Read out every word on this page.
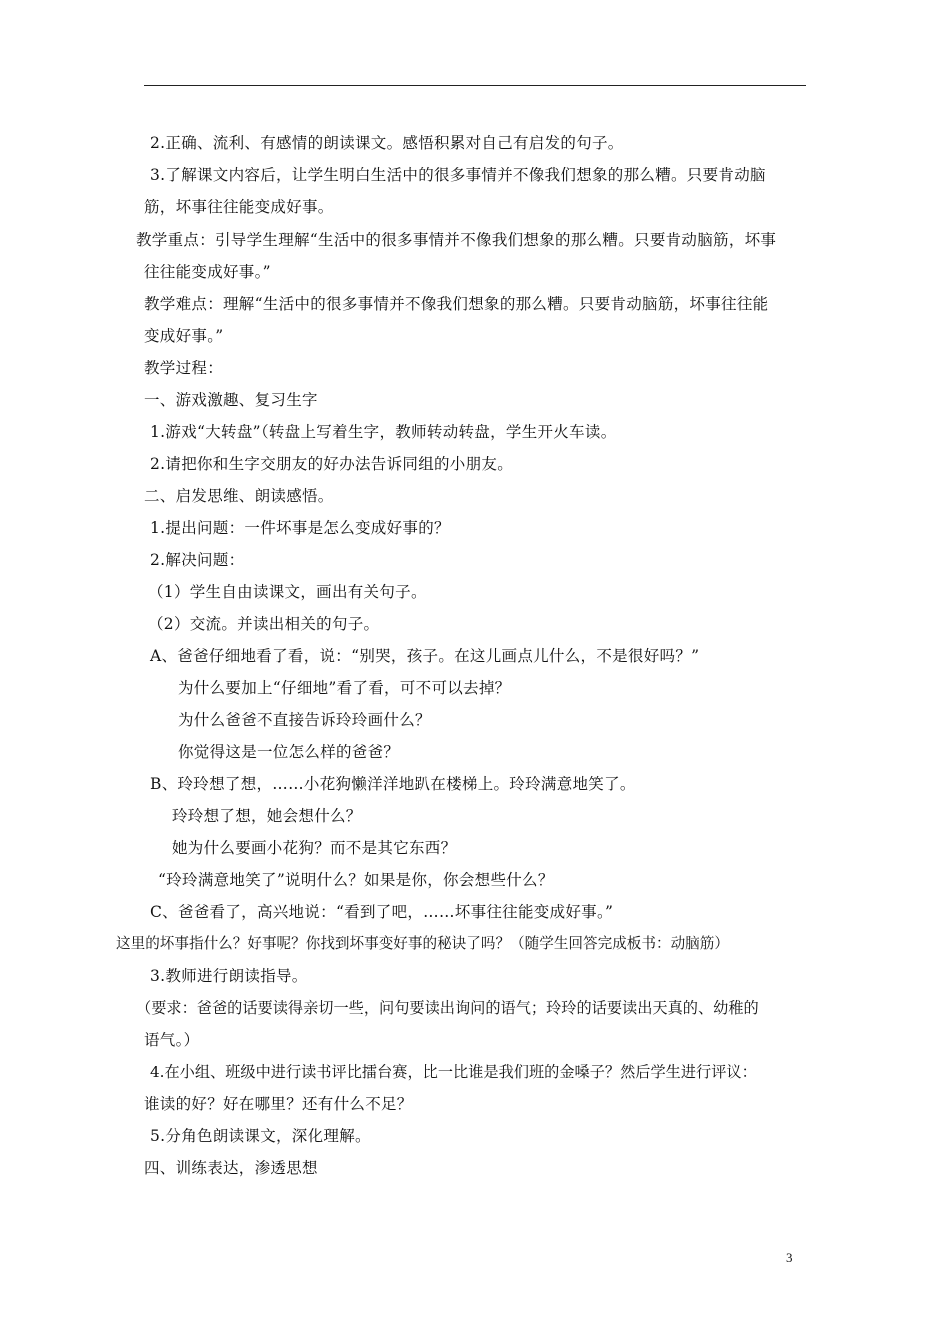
2.正确、流利、有感情的朗读课文。感悟积累对自己有启发的句子。
3.了解课文内容后，让学生明白生活中的很多事情并不像我们想象的那么糟。只要肯动脑
筋，坏事往往能变成好事。
教学重点：引导学生理解“生活中的很多事情并不像我们想象的那么糟。只要肯动脑筋，坏事
往往能变成好事。”
教学难点：理解“生活中的很多事情并不像我们想象的那么糟。只要肯动脑筋，坏事往往能
变成好事。”
教学过程：
一、游戏激趣、复习生字
1.游戏“大转盘”（转盘上写着生字，教师转动转盘，学生开火车读。
2.请把你和生字交朋友的好办法告诉同组的小朋友。
二、启发思维、朗读感悟。
1.提出问题：一件坏事是怎么变成好事的？
2.解决问题：
（1）学生自由读课文，画出有关句子。
（2）交流。并读出相关的句子。
A、爸爸仔细地看了看，说：“别哭，孩子。在这儿画点儿什么，不是很好吗？”
为什么要加上“仔细地”看了看，可不可以去掉？
为什么爸爸不直接告诉玲玲画什么？
你觉得这是一位怎么样的爸爸？
B、玲玲想了想，……小花狗懒洋洋地趴在楼梯上。玲玲满意地笑了。
玲玲想了想，她会想什么？
她为什么要画小花狗？而不是其它东西？
“玲玲满意地笑了”说明什么？如果是你，你会想些什么？
C、爸爸看了，高兴地说：“看到了吧，……坏事往往能变成好事。”
这里的坏事指什么？好事呢？你找到坏事变好事的秘诀了吗？（随学生回答完成板书：动脑筋）
3.教师进行朗读指导。
（要求：爸爸的话要读得亲切一些，问句要读出询问的语气；玲玲的话要读出天真的、幼稚的
语气。）
4.在小组、班级中进行读书评比擂台赛，比一比谁是我们班的金嗓子？然后学生进行评议：
谁读的好？好在哪里？还有什么不足？
5.分角色朗读课文，深化理解。
四、训练表达，渗透思想
3
